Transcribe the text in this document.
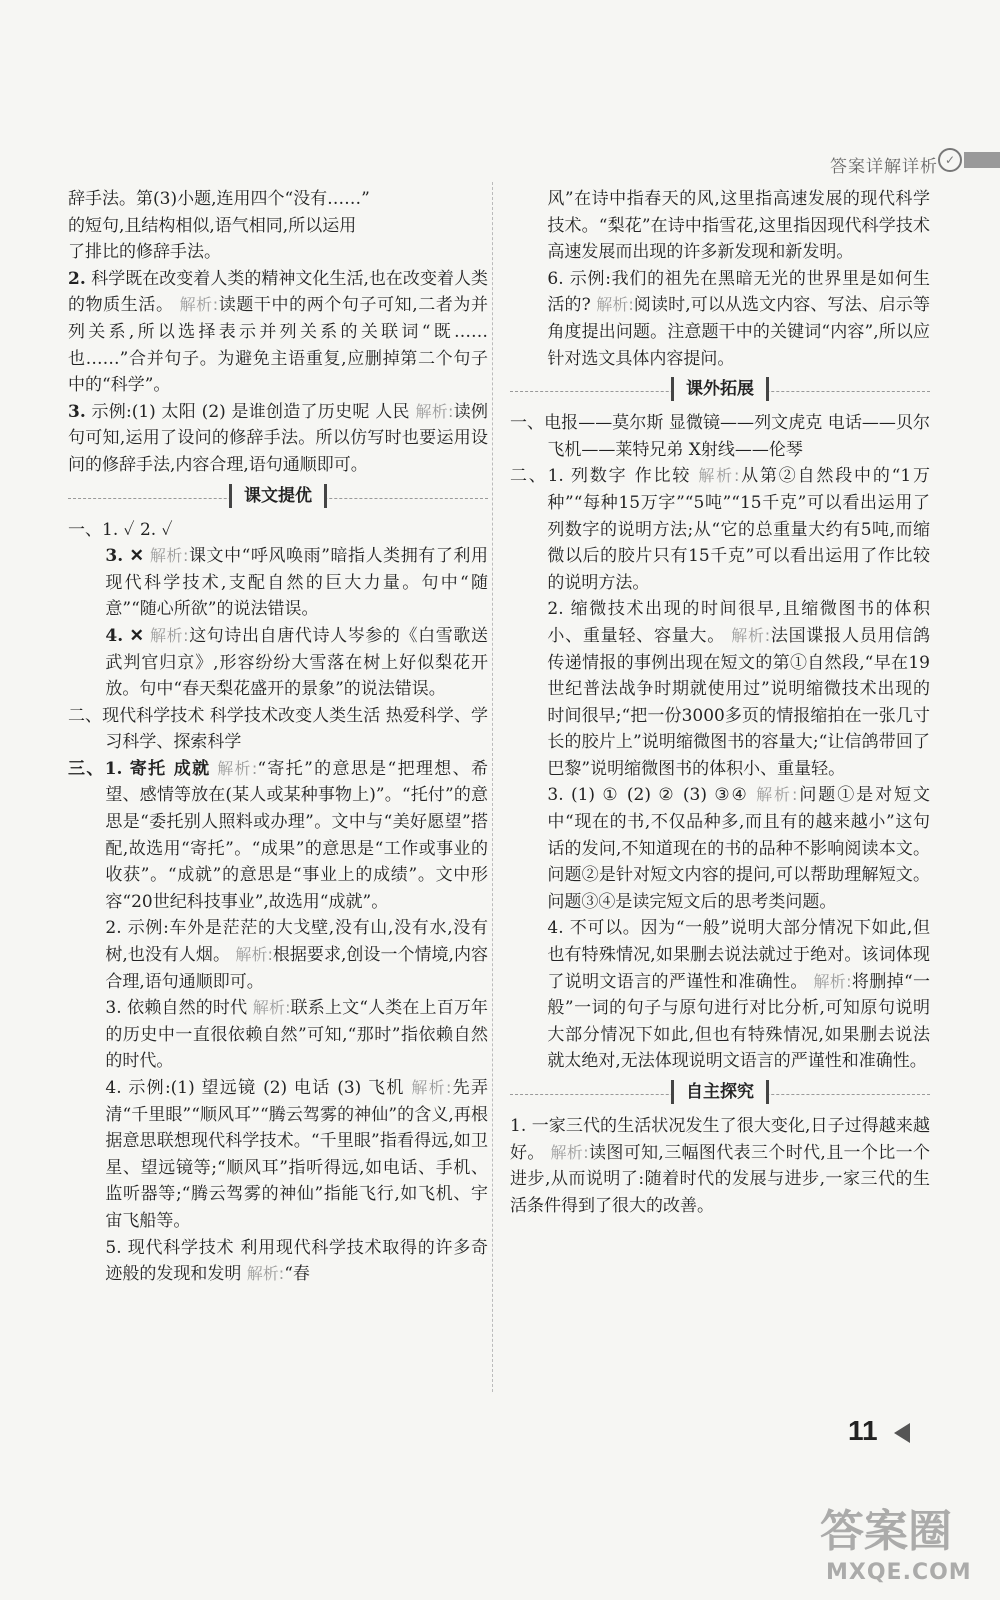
答案详解详析 ✓

辞手法。第(3)小题,连用四个“没有……”

的短句,且结构相似,语气相同,所以运用

了排比的修辞手法。

2. 科学既在改变着人类的精神文化生活,也在改变着人类的物质生活。 解析:读题干中的两个句子可知,二者为并列关系,所以选择表示并列关系的关联词“既……也……”合并句子。为避免主语重复,应删掉第二个句子中的“科学”。

3. 示例:(1) 太阳 (2) 是谁创造了历史呢 人民 解析:读例句可知,运用了设问的修辞手法。所以仿写时也要运用设问的修辞手法,内容合理,语句通顺即可。

课文提优

一、1. ✓ 2. ✓

3. ✕ 解析:课文中“呼风唤雨”暗指人类拥有了利用现代科学技术,支配自然的巨大力量。句中“随意”“随心所欲”的说法错误。

4. ✕ 解析:这句诗出自唐代诗人岑参的《白雪歌送武判官归京》,形容纷纷大雪落在树上好似梨花开放。句中“春天梨花盛开的景象”的说法错误。

二、现代科学技术 科学技术改变人类生活 热爱科学、学习科学、探索科学

三、1. 寄托 成就 解析:“寄托”的意思是“把理想、希望、感情等放在(某人或某种事物上)”。“托付”的意思是“委托别人照料或办理”。文中与“美好愿望”搭配,故选用“寄托”。“成果”的意思是“工作或事业的收获”。“成就”的意思是“事业上的成绩”。文中形容“20世纪科技事业”,故选用“成就”。

2. 示例:车外是茫茫的大戈壁,没有山,没有水,没有树,也没有人烟。 解析:根据要求,创设一个情境,内容合理,语句通顺即可。

3. 依赖自然的时代 解析:联系上文“人类在上百万年的历史中一直很依赖自然”可知,“那时”指依赖自然的时代。

4. 示例:(1) 望远镜 (2) 电话 (3) 飞机 解析:先弄清“千里眼”“顺风耳”“腾云驾雾的神仙”的含义,再根据意思联想现代科学技术。“千里眼”指看得远,如卫星、望远镜等;“顺风耳”指听得远,如电话、手机、监听器等;“腾云驾雾的神仙”指能飞行,如飞机、宇宙飞船等。

5. 现代科学技术 利用现代科学技术取得的许多奇迹般的发现和发明 解析:“春

风”在诗中指春天的风,这里指高速发展的现代科学技术。“梨花”在诗中指雪花,这里指因现代科学技术高速发展而出现的许多新发现和新发明。

6. 示例:我们的祖先在黑暗无光的世界里是如何生活的? 解析:阅读时,可以从选文内容、写法、启示等角度提出问题。注意题干中的关键词“内容”,所以应针对选文具体内容提问。

课外拓展

一、电报——莫尔斯 显微镜——列文虎克 电话——贝尔 飞机——莱特兄弟 X射线——伦琴

二、1. 列数字 作比较 解析:从第②自然段中的“1万种”“每种15万字”“5吨”“15千克”可以看出运用了列数字的说明方法;从“它的总重量大约有5吨,而缩微以后的胶片只有15千克”可以看出运用了作比较的说明方法。

2. 缩微技术出现的时间很早,且缩微图书的体积小、重量轻、容量大。 解析:法国谍报人员用信鸽传递情报的事例出现在短文的第①自然段,“早在19世纪普法战争时期就使用过”说明缩微技术出现的时间很早;“把一份3000多页的情报缩拍在一张几寸长的胶片上”说明缩微图书的容量大;“让信鸽带回了巴黎”说明缩微图书的体积小、重量轻。

3. (1) ① (2) ② (3) ③④ 解析:问题①是对短文中“现在的书,不仅品种多,而且有的越来越小”这句话的发问,不知道现在的书的品种不影响阅读本文。问题②是针对短文内容的提问,可以帮助理解短文。问题③④是读完短文后的思考类问题。

4. 不可以。因为“一般”说明大部分情况下如此,但也有特殊情况,如果删去说法就过于绝对。该词体现了说明文语言的严谨性和准确性。 解析:将删掉“一般”一词的句子与原句进行对比分析,可知原句说明大部分情况下如此,但也有特殊情况,如果删去说法就太绝对,无法体现说明文语言的严谨性和准确性。

自主探究

1. 一家三代的生活状况发生了很大变化,日子过得越来越好。 解析:读图可知,三幅图代表三个时代,且一个比一个进步,从而说明了:随着时代的发展与进步,一家三代的生活条件得到了很大的改善。

11
答案圈
MXQE.COM
